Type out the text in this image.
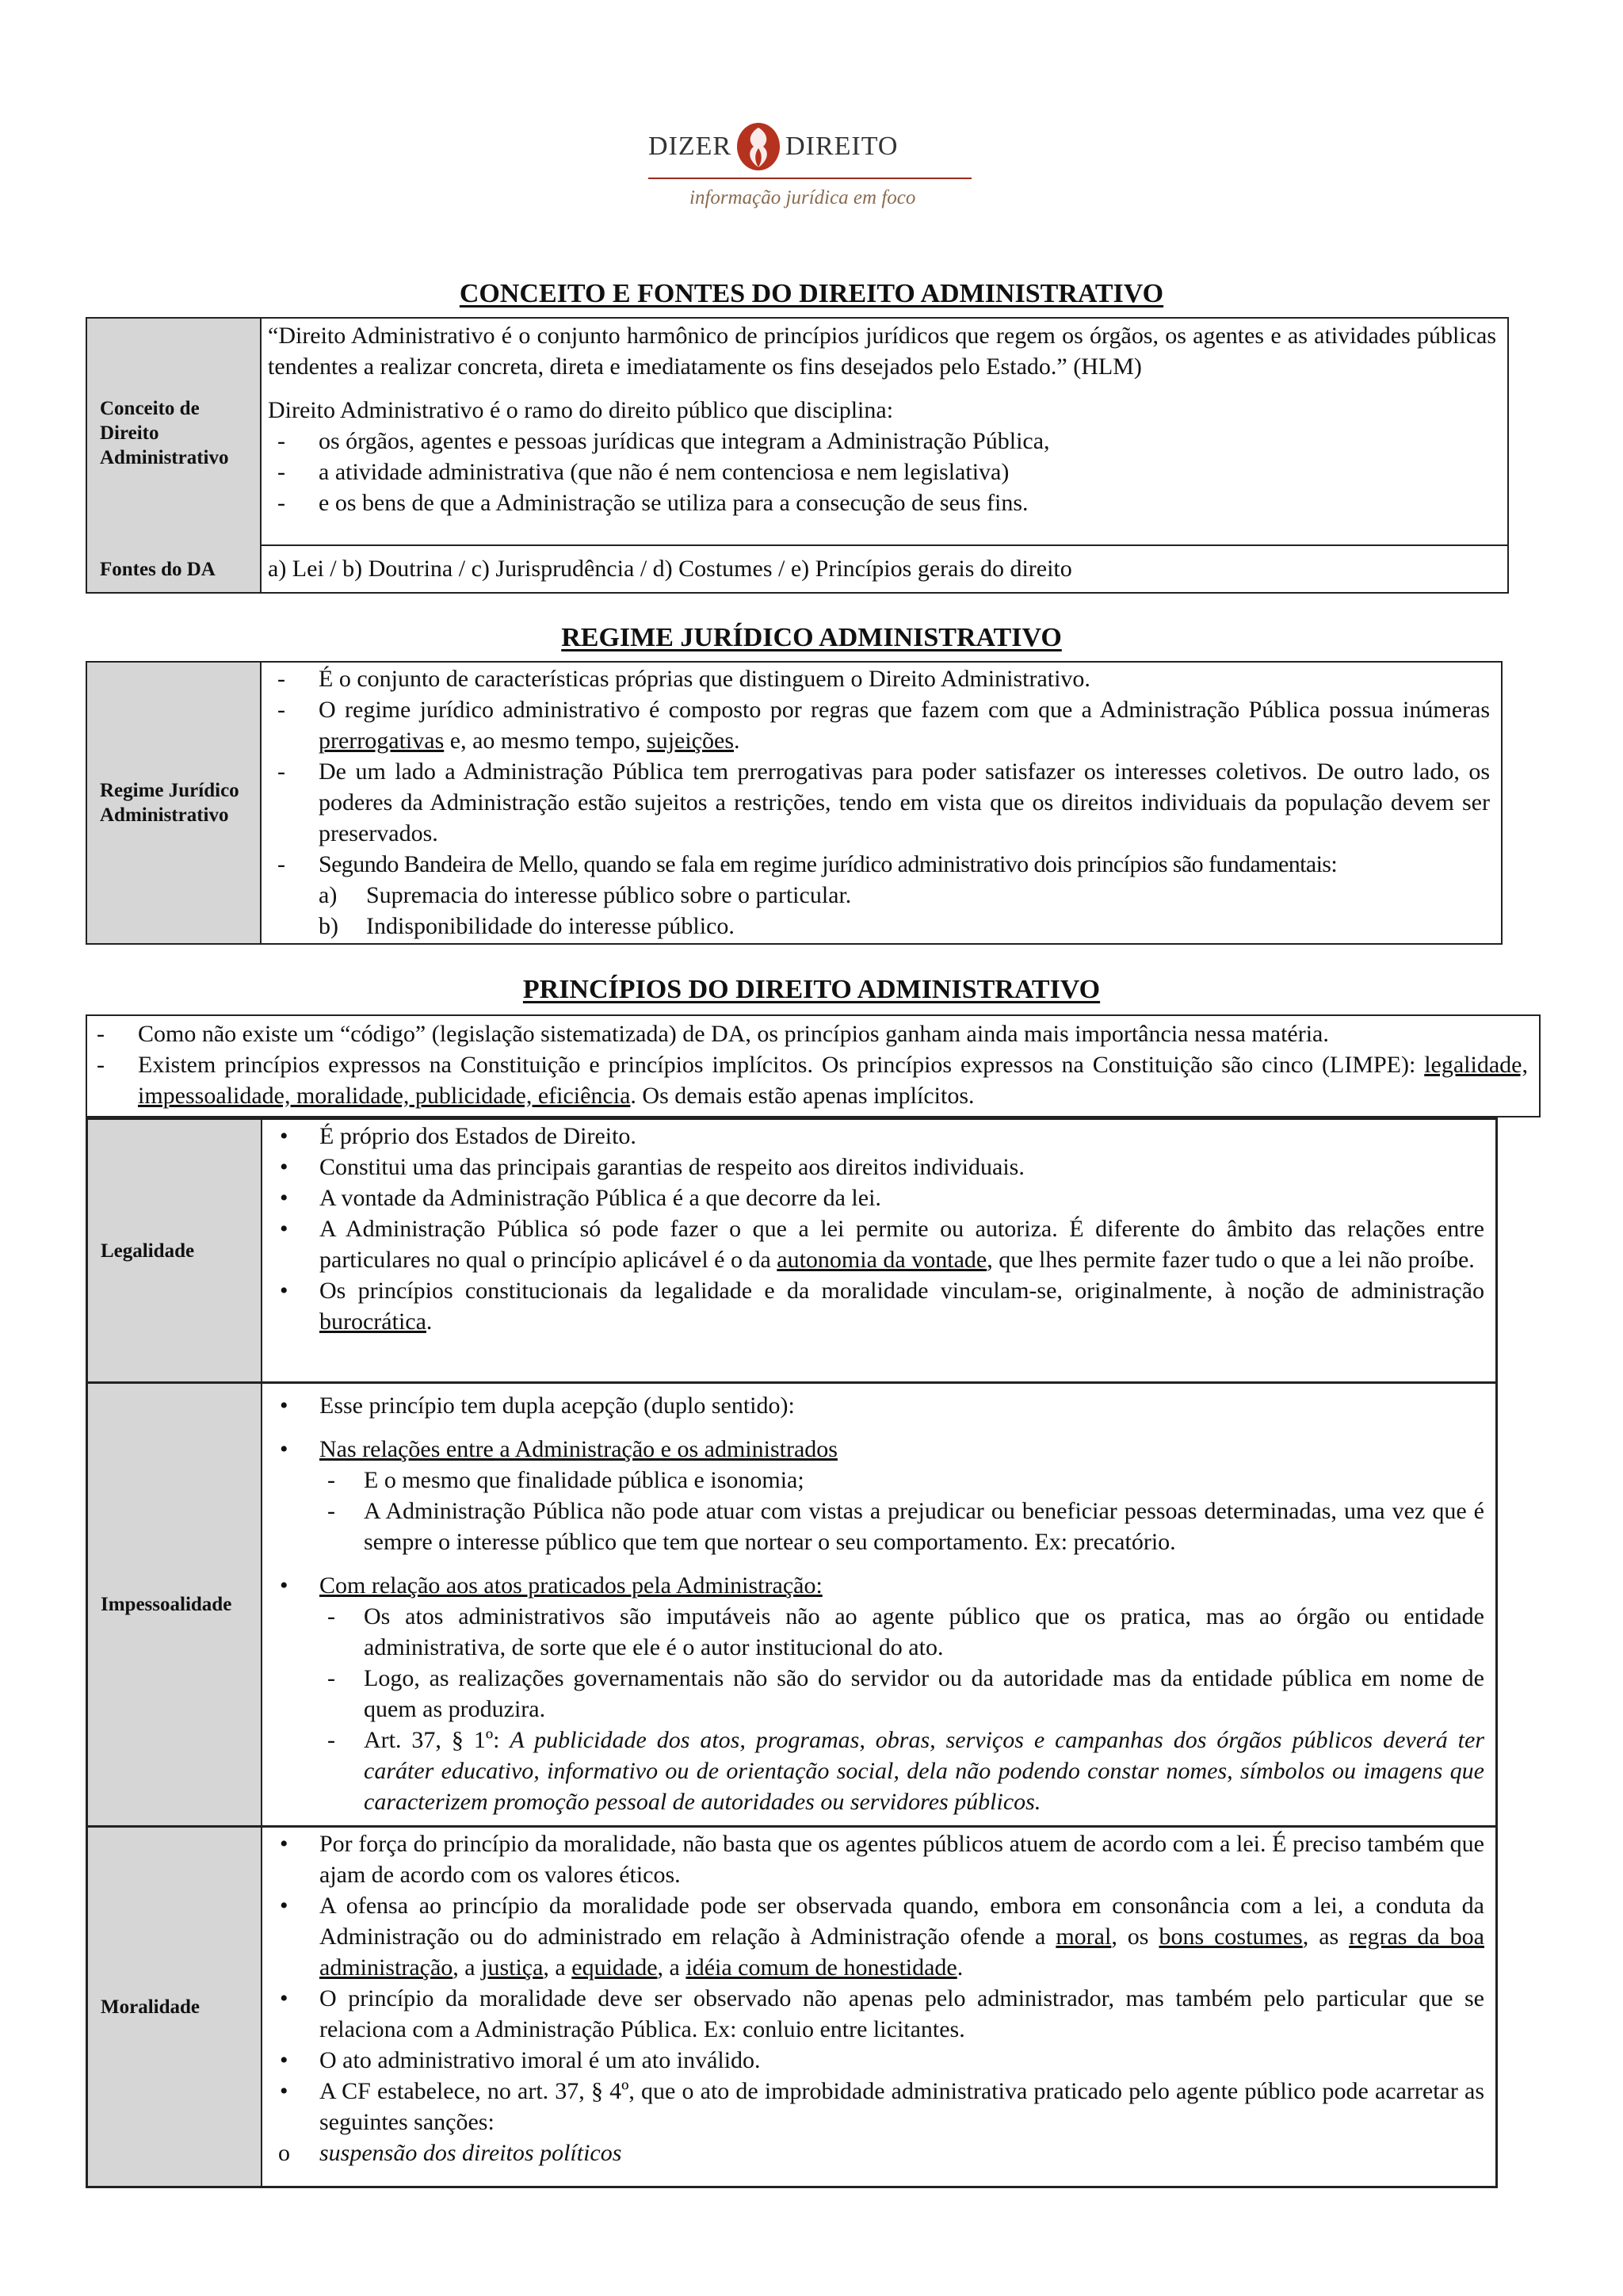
DIZER DIREITO
informação jurídica em foco
CONCEITO E FONTES DO DIREITO ADMINISTRATIVO
Conceito de Direito Administrativo
Fontes do DA

“Direito Administrativo é o conjunto harmônico de princípios jurídicos que regem os órgãos, os agentes e as atividades públicas tendentes a realizar concreta, direta e imediatamente os fins desejados pelo Estado.” (HLM)

Direito Administrativo é o ramo do direito público que disciplina:

- os órgãos, agentes e pessoas jurídicas que integram a Administração Pública,

- a atividade administrativa (que não é nem contenciosa e nem legislativa)

- e os bens de que a Administração se utiliza para a consecução de seus fins.

a) Lei / b) Doutrina / c) Jurisprudência / d) Costumes / e) Princípios gerais do direito

REGIME JURÍDICO ADMINISTRATIVO
Regime Jurídico Administrativo

- É o conjunto de características próprias que distinguem o Direito Administrativo.

- O regime jurídico administrativo é composto por regras que fazem com que a Administração Pública possua inúmeras prerrogativas e, ao mesmo tempo, sujeições.

- De um lado a Administração Pública tem prerrogativas para poder satisfazer os interesses coletivos. De outro lado, os poderes da Administração estão sujeitos a restrições, tendo em vista que os direitos individuais da população devem ser preservados.

- Segundo Bandeira de Mello, quando se fala em regime jurídico administrativo dois princípios são fundamentais:

a) Supremacia do interesse público sobre o particular.

b) Indisponibilidade do interesse público.

PRINCÍPIOS DO DIREITO ADMINISTRATIVO

- Como não existe um “código” (legislação sistematizada) de DA, os princípios ganham ainda mais importância nessa matéria.

- Existem princípios expressos na Constituição e princípios implícitos. Os princípios expressos na Constituição são cinco (LIMPE): legalidade, impessoalidade, moralidade, publicidade, eficiência. Os demais estão apenas implícitos.

Legalidade

• É próprio dos Estados de Direito.

• Constitui uma das principais garantias de respeito aos direitos individuais.

• A vontade da Administração Pública é a que decorre da lei.

• A Administração Pública só pode fazer o que a lei permite ou autoriza. É diferente do âmbito das relações entre particulares no qual o princípio aplicável é o da autonomia da vontade, que lhes permite fazer tudo o que a lei não proíbe.

• Os princípios constitucionais da legalidade e da moralidade vinculam-se, originalmente, à noção de administração burocrática.

Impessoalidade

• Esse princípio tem dupla acepção (duplo sentido):

• Nas relações entre a Administração e os administrados

- E o mesmo que finalidade pública e isonomia;

- A Administração Pública não pode atuar com vistas a prejudicar ou beneficiar pessoas determinadas, uma vez que é sempre o interesse público que tem que nortear o seu comportamento. Ex: precatório.

• Com relação aos atos praticados pela Administração:

- Os atos administrativos são imputáveis não ao agente público que os pratica, mas ao órgão ou entidade administrativa, de sorte que ele é o autor institucional do ato.

- Logo, as realizações governamentais não são do servidor ou da autoridade mas da entidade pública em nome de quem as produzira.

- Art. 37, § 1º: A publicidade dos atos, programas, obras, serviços e campanhas dos órgãos públicos deverá ter caráter educativo, informativo ou de orientação social, dela não podendo constar nomes, símbolos ou imagens que caracterizem promoção pessoal de autoridades ou servidores públicos.

Moralidade

• Por força do princípio da moralidade, não basta que os agentes públicos atuem de acordo com a lei. É preciso também que ajam de acordo com os valores éticos.

• A ofensa ao princípio da moralidade pode ser observada quando, embora em consonância com a lei, a conduta da Administração ou do administrado em relação à Administração ofende a moral, os bons costumes, as regras da boa administração, a justiça, a equidade, a idéia comum de honestidade.

• O princípio da moralidade deve ser observado não apenas pelo administrador, mas também pelo particular que se relaciona com a Administração Pública. Ex: conluio entre licitantes.

• O ato administrativo imoral é um ato inválido.

• A CF estabelece, no art. 37, § 4º, que o ato de improbidade administrativa praticado pelo agente público pode acarretar as seguintes sanções:

o suspensão dos direitos políticos
